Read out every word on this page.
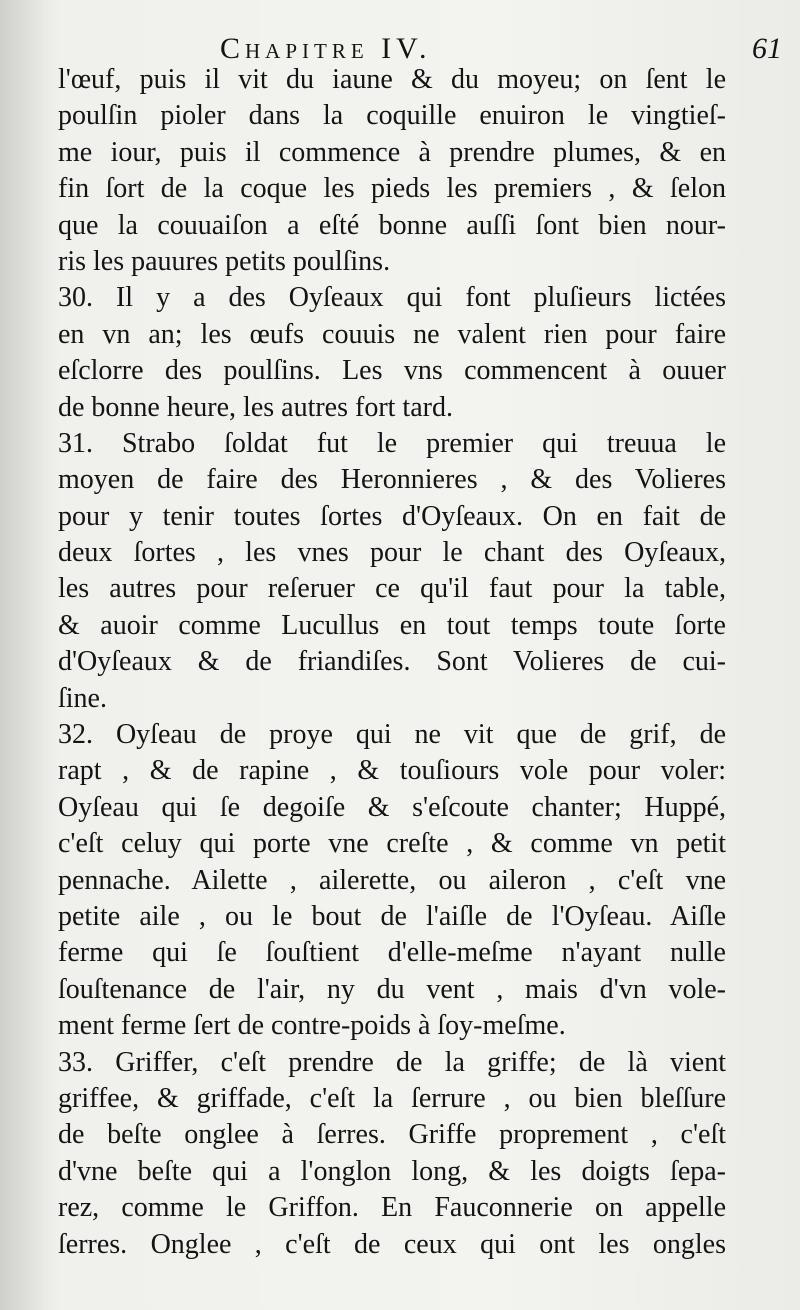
Chapitre IV.	61
l'œuf, puis il vit du iaune & du moyeu; on ſent le
poulſin pioler dans la coquille enuiron le vingtieſ-
me iour, puis il commence à prendre plumes, & en
fin ſort de la coque les pieds les premiers , & ſelon
que la couuaiſon a eſté bonne auſſi ſont bien nour-
ris les pauures petits poulſins.
30. Il y a des Oyſeaux qui font pluſieurs lictées
en vn an; les œufs couuis ne valent rien pour faire
eſclorre des poulſins. Les vns commencent à ouuer
de bonne heure, les autres fort tard.
31. Strabo ſoldat fut le premier qui treuua le
moyen de faire des Heronnieres , & des Volieres
pour y tenir toutes ſortes d'Oyſeaux. On en fait de
deux ſortes , les vnes pour le chant des Oyſeaux,
les autres pour reſeruer ce qu'il faut pour la table,
& auoir comme Lucullus en tout temps toute ſorte
d'Oyſeaux & de friandiſes. Sont Volieres de cui-
ſine.
32. Oyſeau de proye qui ne vit que de grif, de
rapt , & de rapine , & touſiours vole pour voler:
Oyſeau qui ſe degoiſe & s'eſcoute chanter; Huppé,
c'eſt celuy qui porte vne creſte , & comme vn petit
pennache. Ailette , ailerette, ou aileron , c'eſt vne
petite aile , ou le bout de l'aiſle de l'Oyſeau. Aiſle
ferme qui ſe ſouſtient d'elle-meſme n'ayant nulle
ſouſtenance de l'air, ny du vent , mais d'vn vole-
ment ferme ſert de contre-poids à ſoy-meſme.
33. Griffer, c'eſt prendre de la griffe; de là vient
griffee, & griffade, c'eſt la ſerrure , ou bien bleſſure
de beſte onglee à ſerres. Griffe proprement , c'eſt
d'vne beſte qui a l'onglon long, & les doigts ſepa-
rez, comme le Griffon. En Fauconnerie on appelle
ſerres. Onglee , c'eſt de ceux qui ont les ongles
